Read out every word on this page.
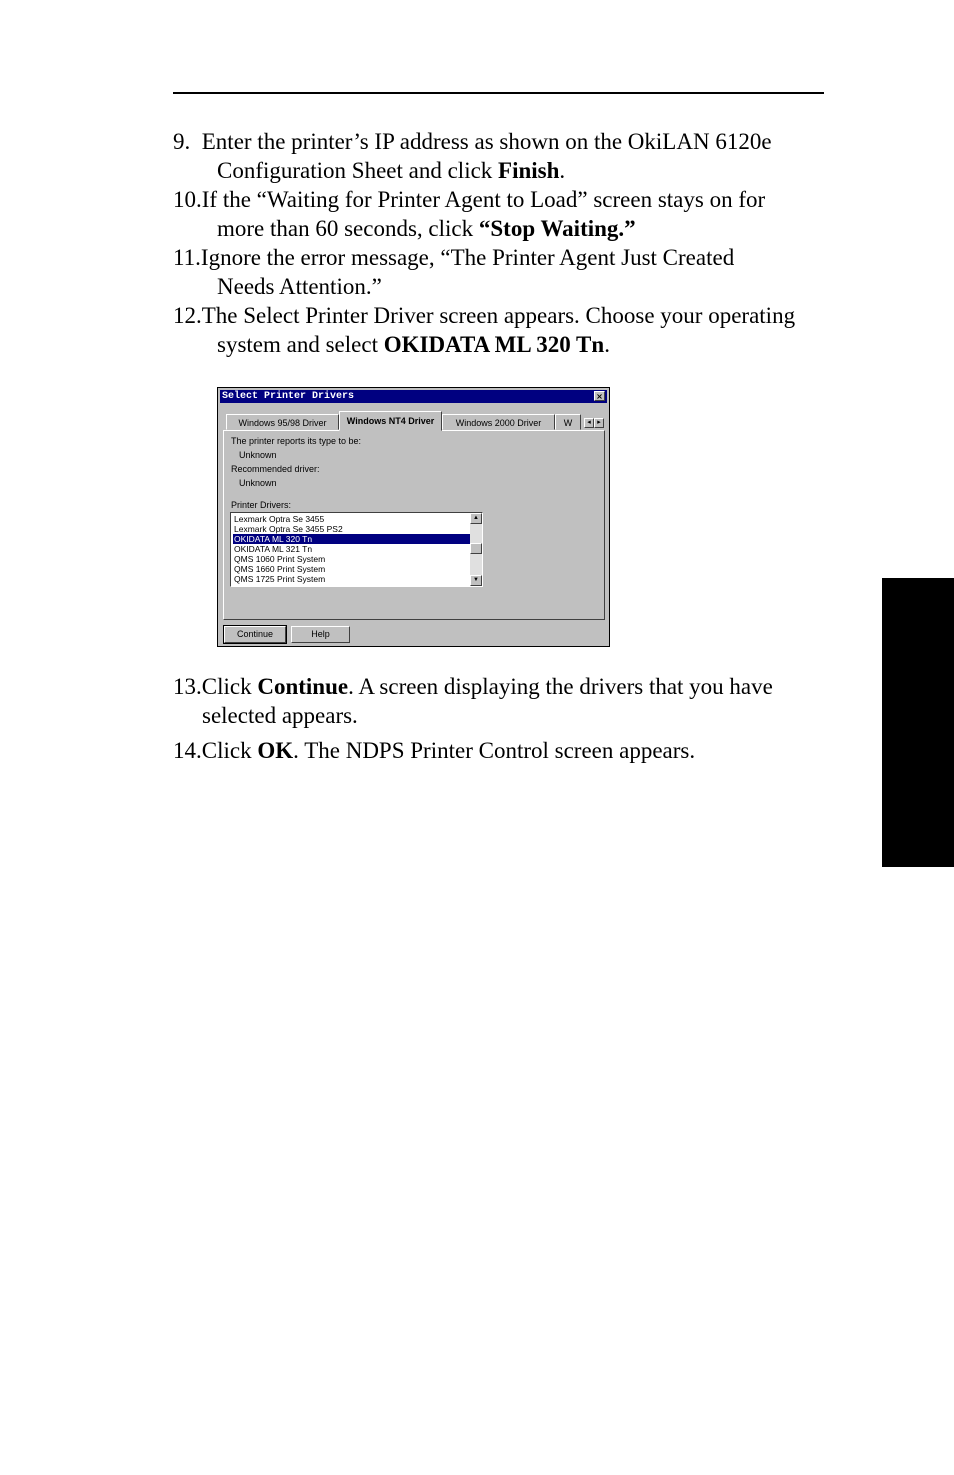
9.  Enter the printer’s IP address as shown on the OkiLAN 6120e
Configuration Sheet and click Finish.
10.If the “Waiting for Printer Agent to Load” screen stays on for
more than 60 seconds, click “Stop Waiting.”
11.Ignore the error message, “The Printer Agent Just Created
Needs Attention.”
12.The Select Printer Driver screen appears. Choose your operating
system and select OKIDATA ML 320 Tn.
Select Printer Drivers	×
Windows 95/98 Driver	Windows NT4 Driver	Windows 2000 Driver	W	◂ ▸
The printer reports its type to be:
Unknown
Recommended driver:
Unknown
Printer Drivers:
Lexmark Optra Se 3455
Lexmark Optra Se 3455 PS2
OKIDATA ML 320 Tn
OKIDATA ML 321 Tn
QMS 1060 Print System
QMS 1660 Print System
QMS 1725 Print System
▲
▼
Continue	Help
13.Click Continue. A screen displaying the drivers that you have
selected appears.
14.Click OK. The NDPS Printer Control screen appears.
